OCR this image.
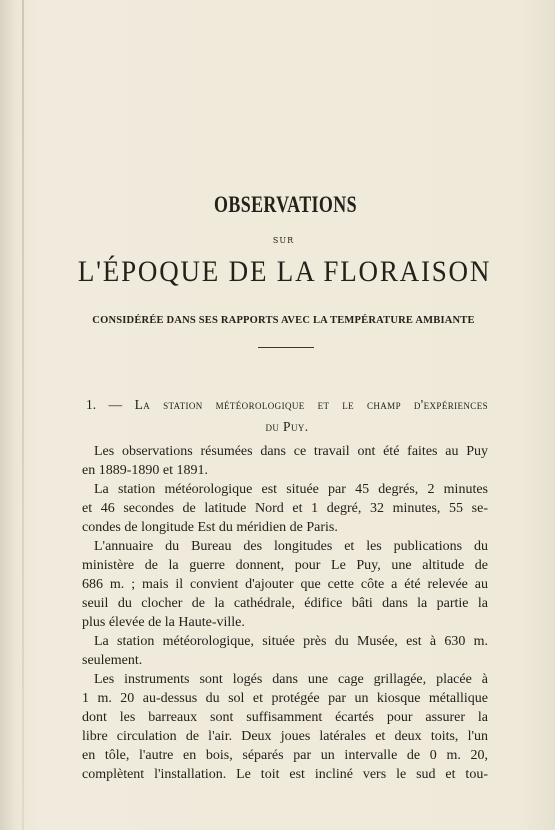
OBSERVATIONS
SUR
L'ÉPOQUE DE LA FLORAISON
CONSIDÉRÉE DANS SES RAPPORTS AVEC LA TEMPÉRATURE AMBIANTE
1. — La station météorologique et le champ d'expériences
du Puy.
Les observations résumées dans ce travail ont été faites au Puy
en 1889-1890 et 1891.
La station météorologique est située par 45 degrés, 2 minutes
et 46 secondes de latitude Nord et 1 degré, 32 minutes, 55 se-
condes de longitude Est du méridien de Paris.
L'annuaire du Bureau des longitudes et les publications du
ministère de la guerre donnent, pour Le Puy, une altitude de
686 m. ; mais il convient d'ajouter que cette côte a été relevée au
seuil du clocher de la cathédrale, édifice bâti dans la partie la
plus élevée de la Haute-ville.
La station météorologique, située près du Musée, est à 630 m.
seulement.
Les instruments sont logés dans une cage grillagée, placée à
1 m. 20 au-dessus du sol et protégée par un kiosque métallique
dont les barreaux sont suffisamment écartés pour assurer la
libre circulation de l'air. Deux joues latérales et deux toits, l'un
en tôle, l'autre en bois, séparés par un intervalle de 0 m. 20,
complètent l'installation. Le toit est incliné vers le sud et tou-
